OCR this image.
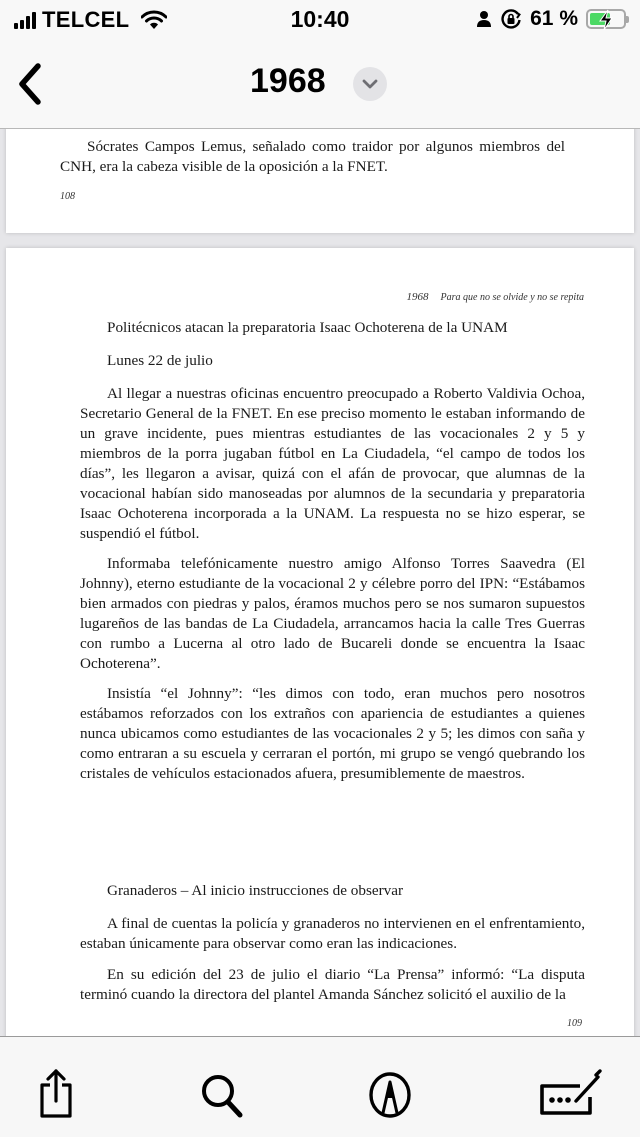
TELCEL	10:40	61 %
1968

Sócrates Campos Lemus, señalado como traidor por algunos miembros del CNH, era la cabeza visible de la oposición a la FNET.

108
1968 Para que no se olvide y no se repita
Politécnicos atacan la preparatoria Isaac Ochoterena de la UNAM
Lunes 22 de julio

Al llegar a nuestras oficinas encuentro preocupado a Roberto Valdivia Ochoa, Secretario General de la FNET. En ese preciso momento le estaban informando de un grave incidente, pues mientras estudiantes de las vocacionales 2 y 5 y miembros de la porra jugaban fútbol en La Ciudadela, “el campo de todos los días”, les llegaron a avisar, quizá con el afán de provocar, que alumnas de la vocacional habían sido manoseadas por alumnos de la secundaria y preparatoria Isaac Ochoterena incorporada a la UNAM. La respuesta no se hizo esperar, se suspendió el fútbol.

Informaba telefónicamente nuestro amigo Alfonso Torres Saavedra (El Johnny), eterno estudiante de la vocacional 2 y célebre porro del IPN: “Estábamos bien armados con piedras y palos, éramos muchos pero se nos sumaron supuestos lugareños de las bandas de La Ciudadela, arrancamos hacia la calle Tres Guerras con rumbo a Lucerna al otro lado de Bucareli donde se encuentra la Isaac Ochoterena”.

Insistía “el Johnny”: “les dimos con todo, eran muchos pero nosotros estábamos reforzados con los extraños con apariencia de estudiantes a quienes nunca ubicamos como estudiantes de las vocacionales 2 y 5; les dimos con saña y como entraran a su escuela y cerraran el portón, mi grupo se vengó quebrando los cristales de vehículos estacionados afuera, presumiblemente de maestros.

Granaderos – Al inicio instrucciones de observar

A final de cuentas la policía y granaderos no intervienen en el enfrentamiento, estaban únicamente para observar como eran las indicaciones.

En su edición del 23 de julio el diario “La Prensa” informó: “La disputa terminó cuando la directora del plantel Amanda Sánchez solicitó el auxilio de la

109
